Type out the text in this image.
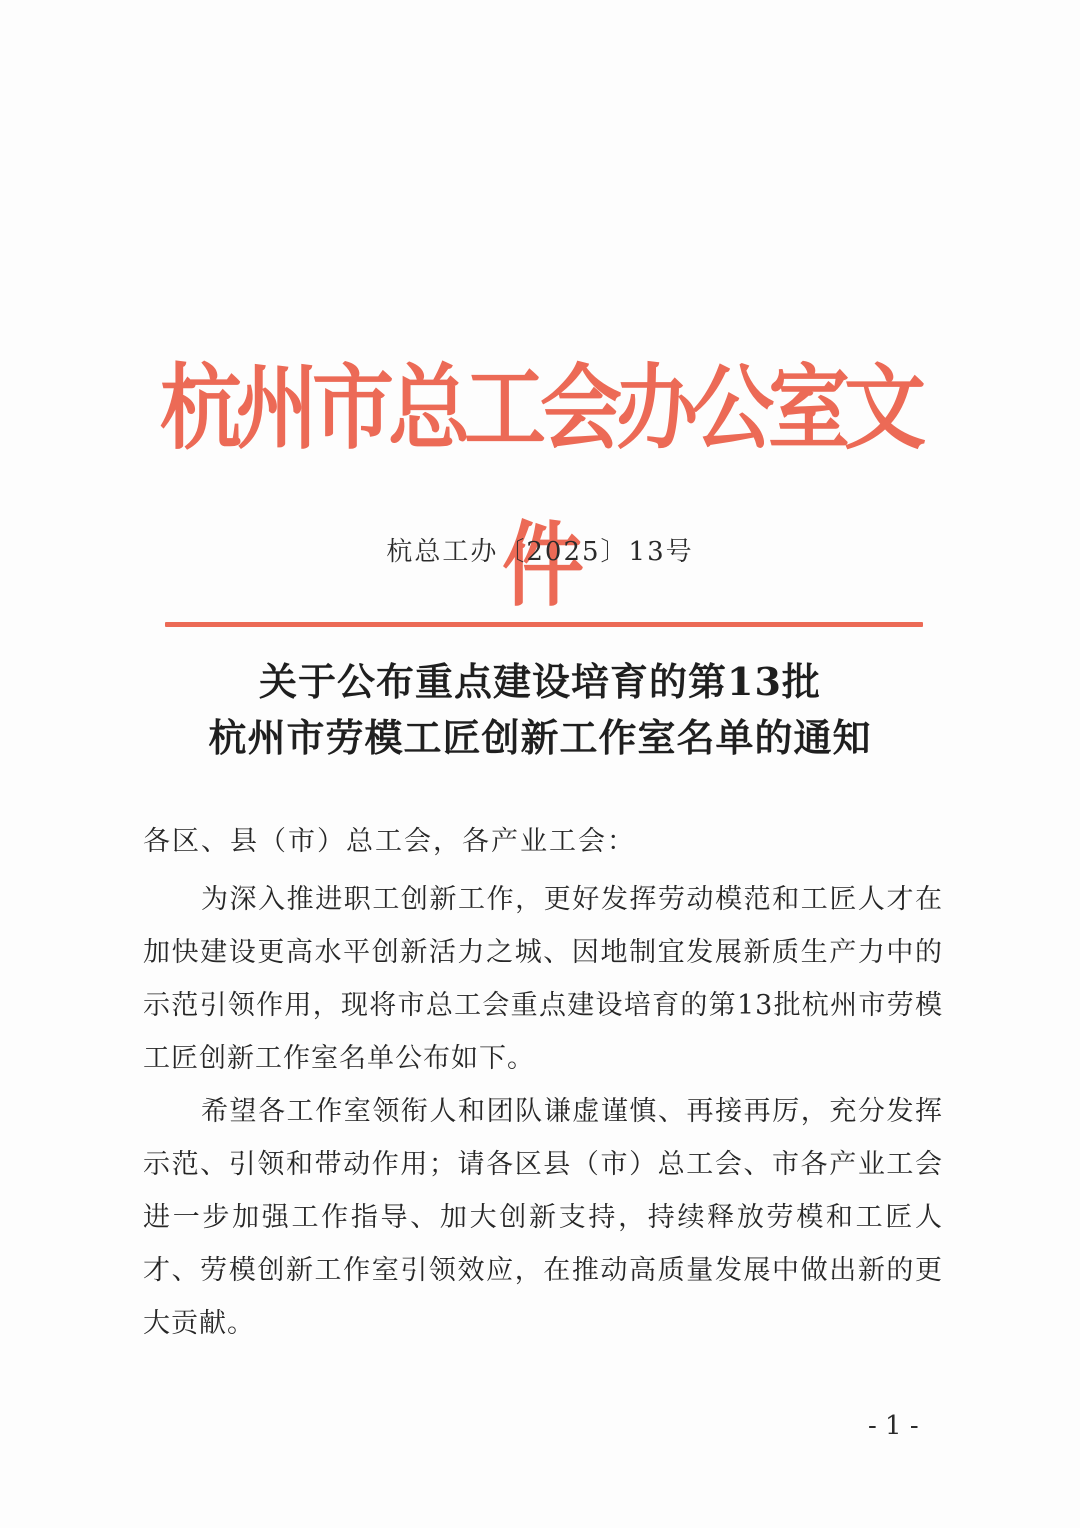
杭州市总工会办公室文件

杭总工办〔2025〕13号

关于公布重点建设培育的第13批
杭州市劳模工匠创新工作室名单的通知

各区、县（市）总工会，各产业工会：

为深入推进职工创新工作，更好发挥劳动模范和工匠人才在加快建设更高水平创新活力之城、因地制宜发展新质生产力中的示范引领作用，现将市总工会重点建设培育的第13批杭州市劳模工匠创新工作室名单公布如下。

希望各工作室领衔人和团队谦虚谨慎、再接再厉，充分发挥示范、引领和带动作用；请各区县（市）总工会、市各产业工会进一步加强工作指导、加大创新支持，持续释放劳模和工匠人才、劳模创新工作室引领效应，在推动高质量发展中做出新的更大贡献。

- 1 -
